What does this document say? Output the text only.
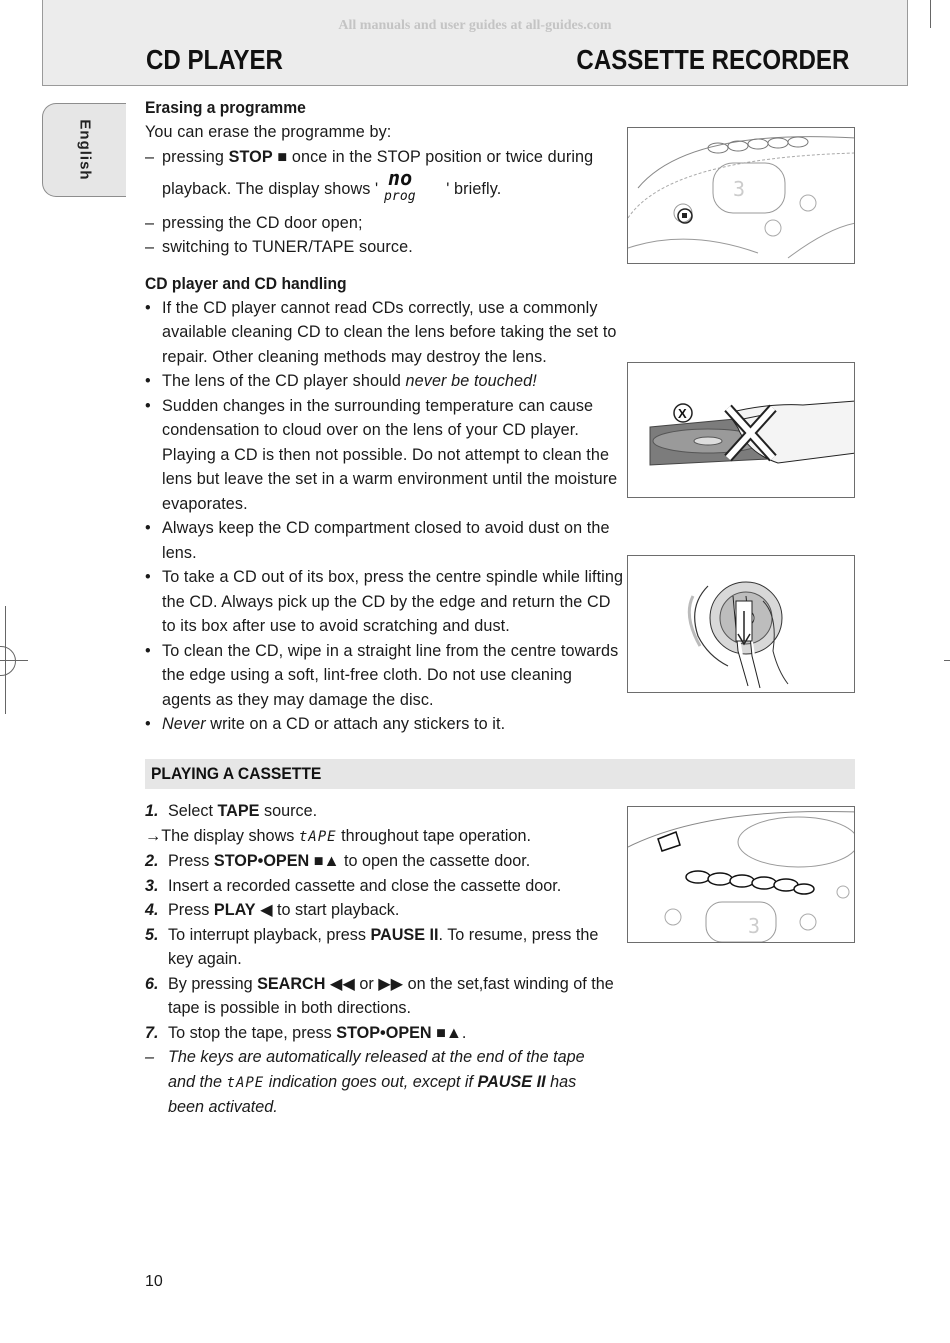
All manuals and user guides at all-guides.com
CD PLAYER	CASSETTE RECORDER
English
Erasing a programme

You can erase the programme by:

– pressing STOP ■ once in the STOP position or twice during playback. The display shows ' no
prog ' briefly.
– pressing the CD door open;
– switching to TUNER/TAPE source.
CD player and CD handling
• If the CD player cannot read CDs correctly, use a commonly available cleaning CD to clean the lens before taking the set to repair. Other cleaning methods may destroy the lens.
• The lens of the CD player should never be touched!
• Sudden changes in the surrounding temperature can cause condensation to cloud over on the lens of your CD player. Playing a CD is then not possible. Do not attempt to clean the lens but leave the set in a warm environment until the moisture evaporates.
• Always keep the CD compartment closed to avoid dust on the lens.
• To take a CD out of its box, press the centre spindle while lifting the CD. Always pick up the CD by the edge and return the CD to its box after use to avoid scratching and dust.
• To clean the CD, wipe in a straight line from the centre towards the edge using a soft, lint-free cloth. Do not use cleaning agents as they may damage the disc.
• Never write on a CD or attach any stickers to it.
3
X
PLAYING A CASSETTE
1. Select TAPE source.
→The display shows tAPE throughout tape operation.
2. Press STOP•OPEN ■▲ to open the cassette door.
3. Insert a recorded cassette and close the cassette door.
4. Press PLAY ◀ to start playback.
5. To interrupt playback, press PAUSE II. To resume, press the key again.
6. By pressing SEARCH ◀◀ or ▶▶ on the set,fast winding of the tape is possible in both directions.
7. To stop the tape, press STOP•OPEN ■▲.
– The keys are automatically released at the end of the tape and the tAPE indication goes out, except if PAUSE II has been activated.
3
10
